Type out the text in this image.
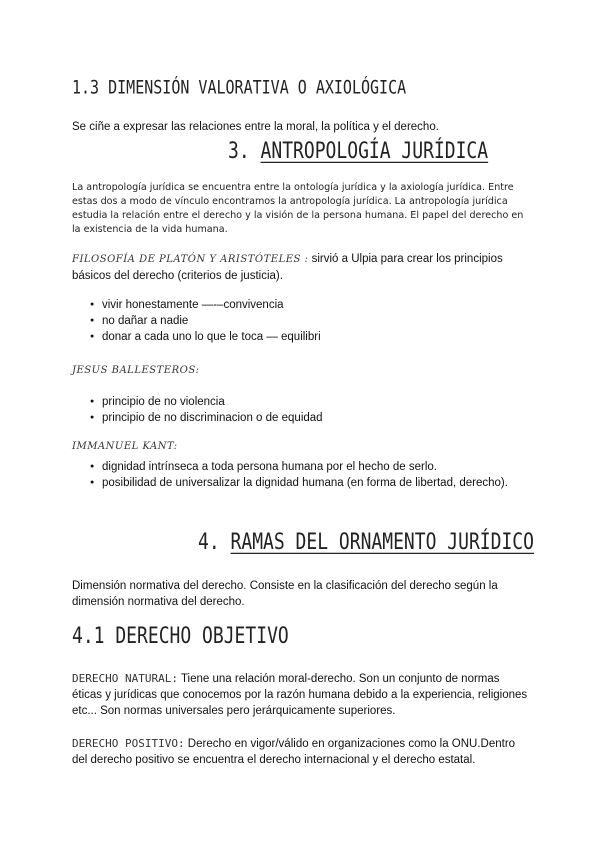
1.3 DIMENSIÓN VALORATIVA O AXIOLÓGICA
Se ciñe a expresar las relaciones entre la moral, la política y el derecho.
3. ANTROPOLOGÍA JURÍDICA
La antropología jurídica se encuentra entre la ontología jurídica y la axiología jurídica. Entre estas dos a modo de vínculo encontramos la antropología jurídica. La antropología jurídica estudia la relación entre el derecho y la visión de la persona humana. El papel del derecho en la existencia de la vida humana.
FILOSOFÍA DE PLATÓN Y ARISTÓTELES : sirvió a Ulpia para crear los principios básicos del derecho (criterios de justicia).
● vivir honestamente —-–convivencia
● no dañar a nadie
● donar a cada uno lo que le toca — equilibri
JESUS BALLESTEROS:
● principio de no violencia
● principio de no discriminacion o de equidad
IMMANUEL KANT:
● dignidad intrínseca a toda persona humana por el hecho de serlo.
● posibilidad de universalizar la dignidad humana (en forma de libertad, derecho).
4. RAMAS DEL ORNAMENTO JURÍDICO
Dimensión normativa del derecho. Consiste en la clasificación del derecho según la dimensión normativa del derecho.
4.1 DERECHO OBJETIVO
DERECHO NATURAL: Tiene una relación moral-derecho. Son un conjunto de normas éticas y jurídicas que conocemos por la razón humana debido a la experiencia, religiones etc... Son normas universales pero jerárquicamente superiores.
DERECHO POSITIVO: Derecho en vigor/válido en organizaciones como la ONU.Dentro del derecho positivo se encuentra el derecho internacional y el derecho estatal.
